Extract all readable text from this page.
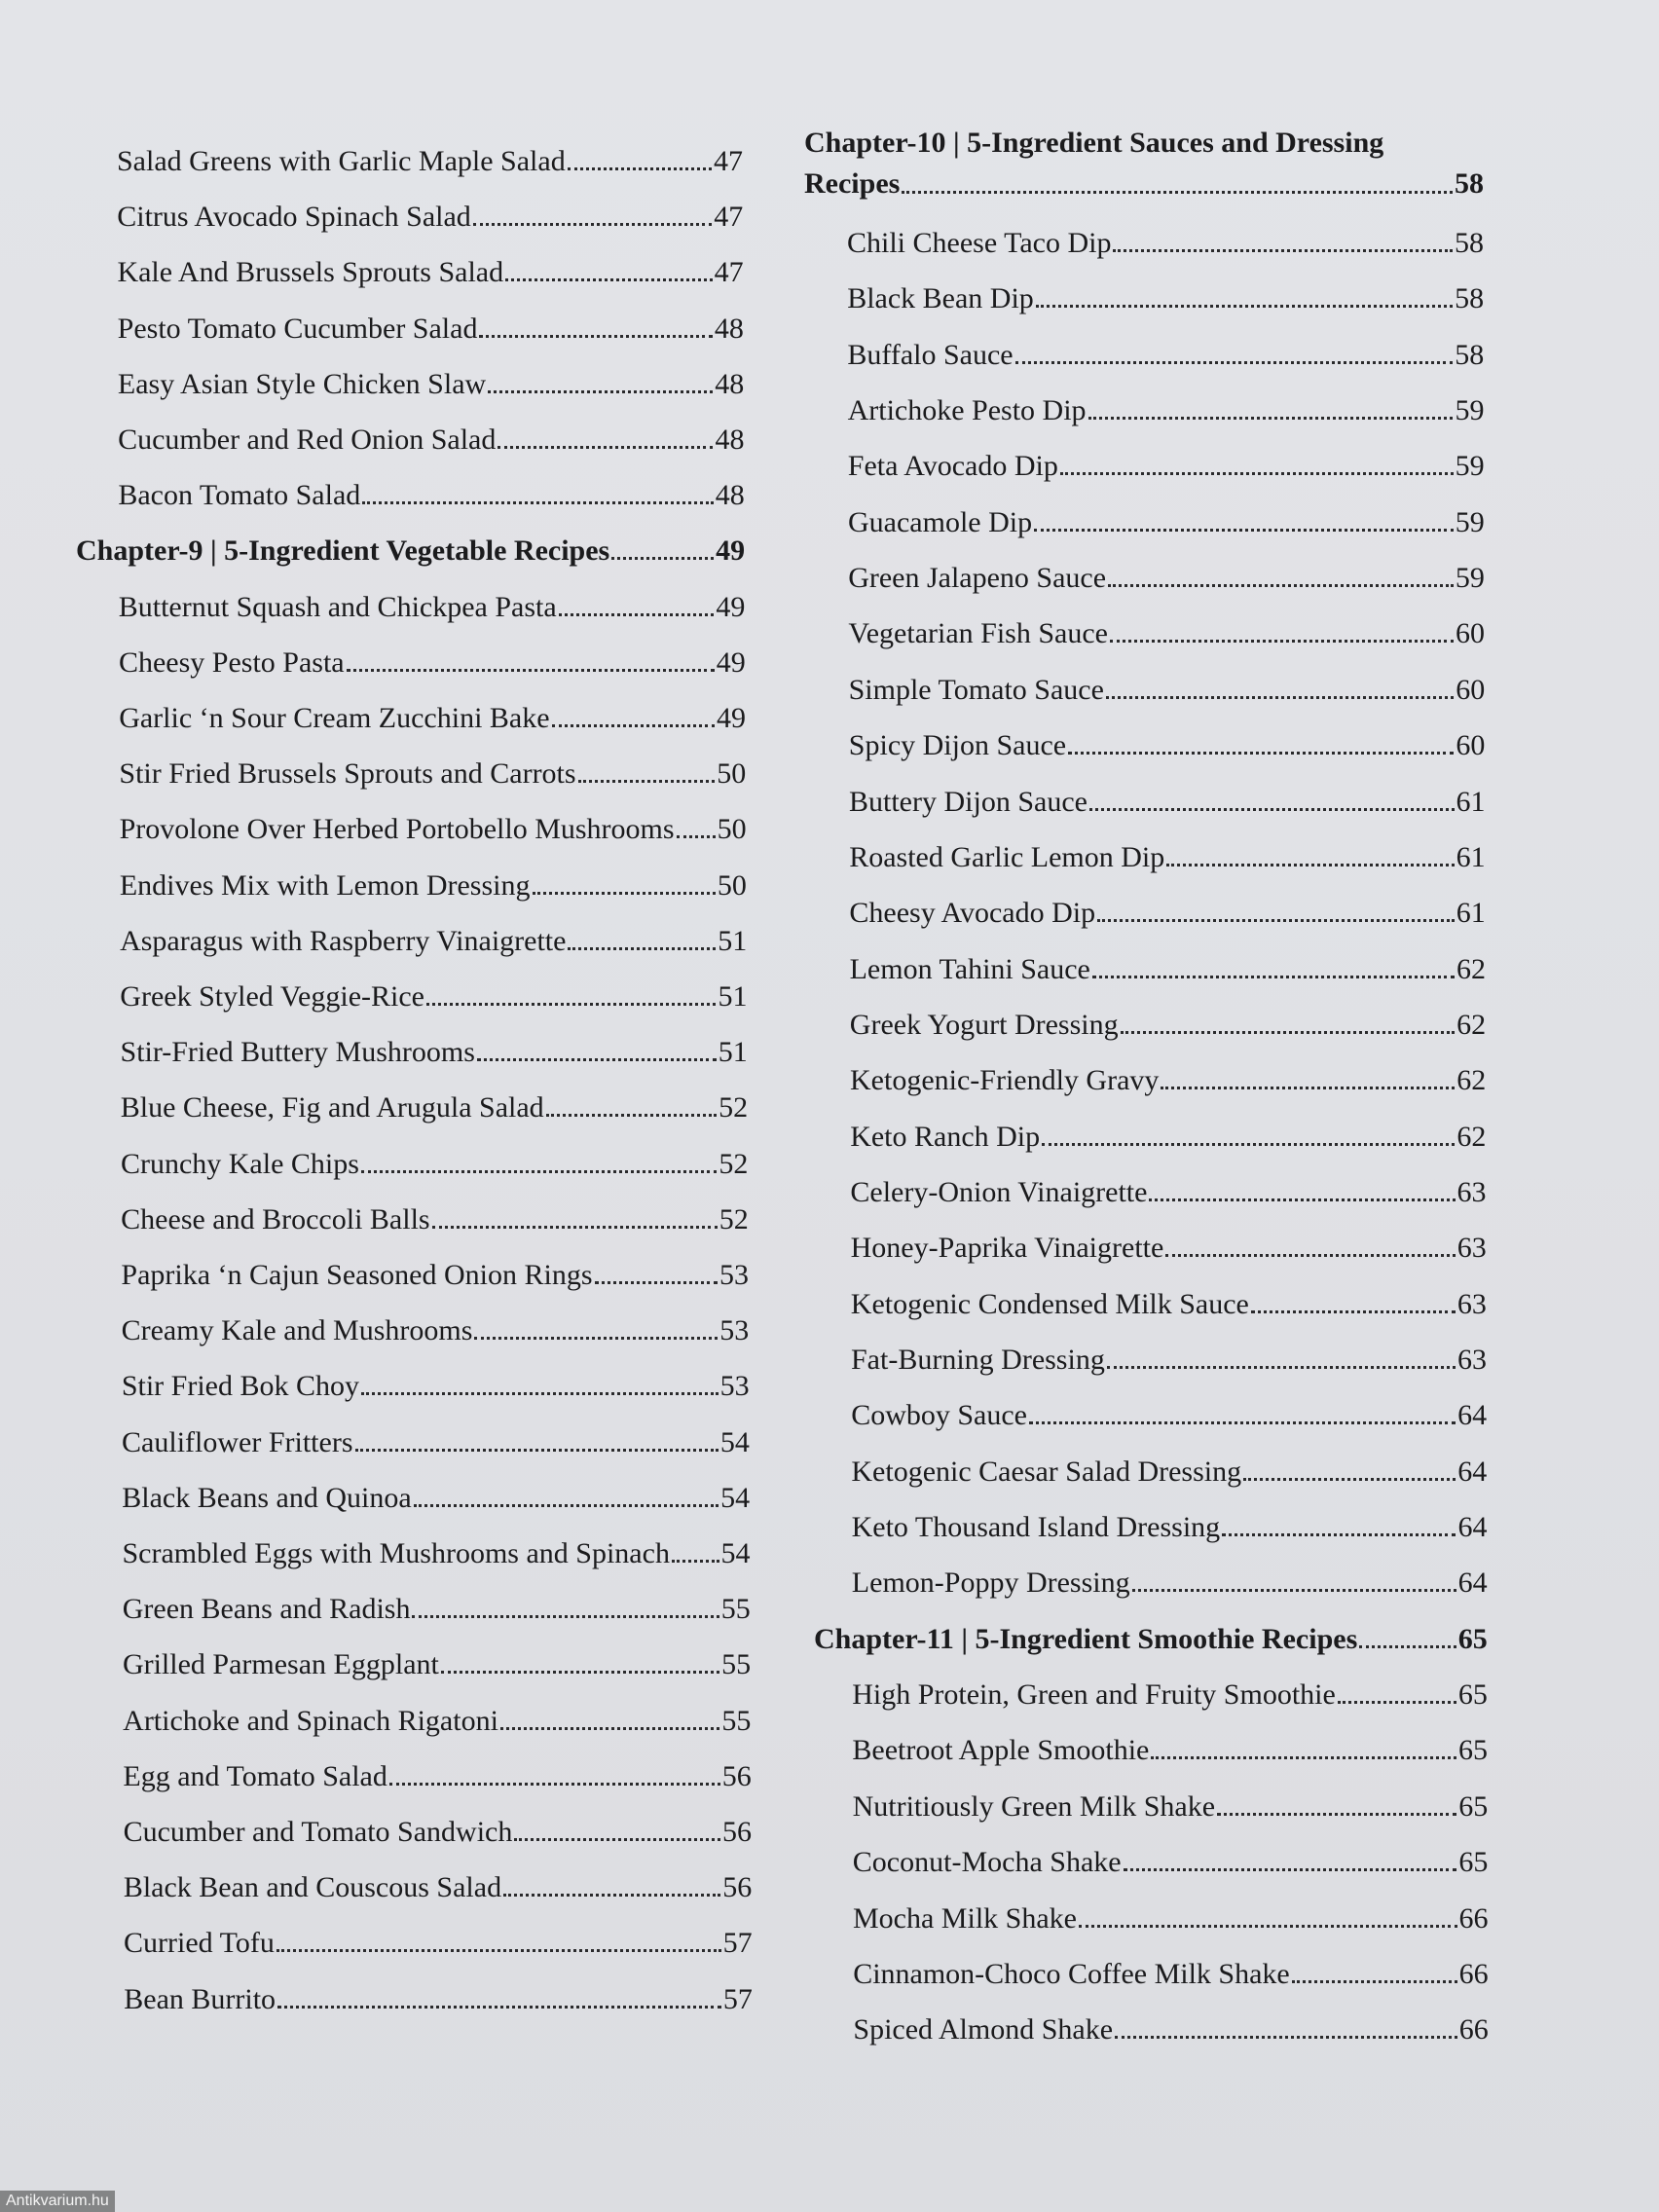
Salad Greens with Garlic Maple Salad	47
Citrus Avocado Spinach Salad	47
Kale And Brussels Sprouts Salad	47
Pesto Tomato Cucumber Salad	48
Easy Asian Style Chicken Slaw	48
Cucumber and Red Onion Salad	48
Bacon Tomato Salad	48
Chapter-9 | 5-Ingredient Vegetable Recipes	49
Butternut Squash and Chickpea Pasta	49
Cheesy Pesto Pasta	49
Garlic ‘n Sour Cream Zucchini Bake	49
Stir Fried Brussels Sprouts and Carrots	50
Provolone Over Herbed Portobello Mushrooms 50
Endives Mix with Lemon Dressing	50
Asparagus with Raspberry Vinaigrette	51
Greek Styled Veggie-Rice	51
Stir-Fried Buttery Mushrooms	51
Blue Cheese, Fig and Arugula Salad	52
Crunchy Kale Chips	52
Cheese and Broccoli Balls	52
Paprika ‘n Cajun Seasoned Onion Rings	53
Creamy Kale and Mushrooms	53
Stir Fried Bok Choy	53
Cauliflower Fritters	54
Black Beans and Quinoa	54
Scrambled Eggs with Mushrooms and Spinach 54
Green Beans and Radish	55
Grilled Parmesan Eggplant	55
Artichoke and Spinach Rigatoni	55
Egg and Tomato Salad	56
Cucumber and Tomato Sandwich	56
Black Bean and Couscous Salad	56
Curried Tofu	57
Bean Burrito	57
Chapter-10 | 5-Ingredient Sauces and Dressing
Recipes	58
Chili Cheese Taco Dip	58
Black Bean Dip	58
Buffalo Sauce	58
Artichoke Pesto Dip	59
Feta Avocado Dip	59
Guacamole Dip	59
Green Jalapeno Sauce	59
Vegetarian Fish Sauce	60
Simple Tomato Sauce	60
Spicy Dijon Sauce	60
Buttery Dijon Sauce	61
Roasted Garlic Lemon Dip	61
Cheesy Avocado Dip	61
Lemon Tahini Sauce	62
Greek Yogurt Dressing	62
Ketogenic-Friendly Gravy	62
Keto Ranch Dip	62
Celery-Onion Vinaigrette	63
Honey-Paprika Vinaigrette	63
Ketogenic Condensed Milk Sauce	63
Fat-Burning Dressing	63
Cowboy Sauce	64
Ketogenic Caesar Salad Dressing	64
Keto Thousand Island Dressing	64
Lemon-Poppy Dressing	64
Chapter-11 | 5-Ingredient Smoothie Recipes	65
High Protein, Green and Fruity Smoothie	65
Beetroot Apple Smoothie	65
Nutritiously Green Milk Shake	65
Coconut-Mocha Shake	65
Mocha Milk Shake	66
Cinnamon-Choco Coffee Milk Shake	66
Spiced Almond Shake	66
Antikvarium.hu
